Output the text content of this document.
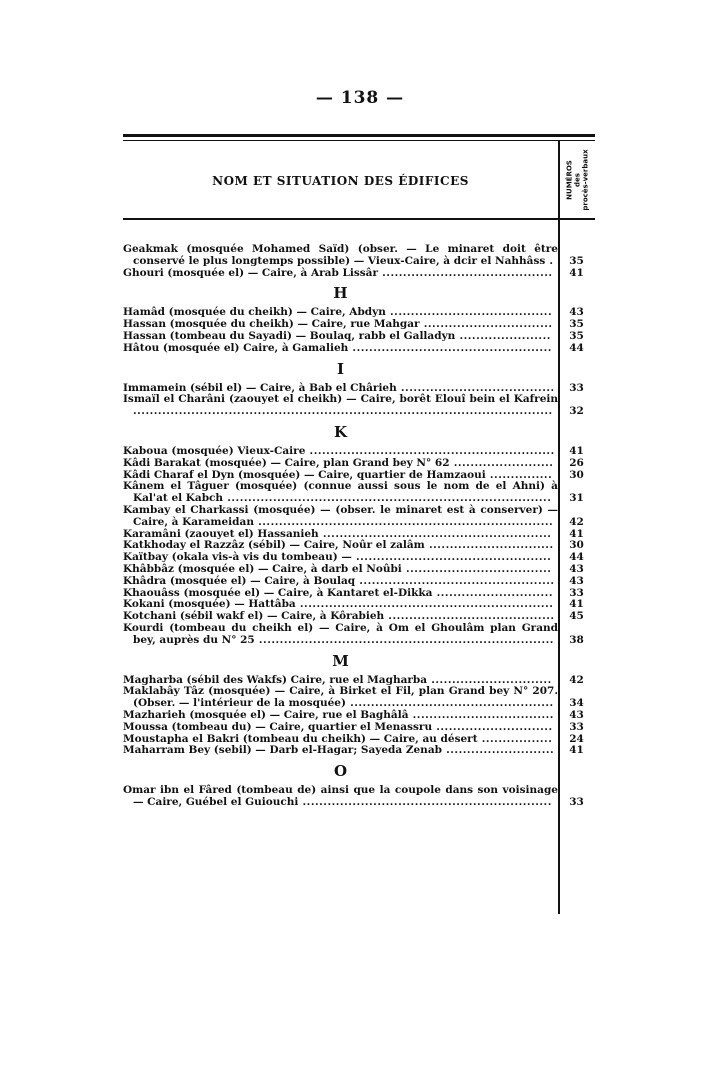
— 138 —
NOM ET SITUATION DES ÉDIFICES	NUMÉROS des procès-verbaux
Geakmak (mosquée Mohamed Saïd) (obser. — Le minaret doit être conservé le plus longtemps possible) — Vieux-Caire, à dcir el Nahhâss .	35
Ghouri (mosquée el) — Caire, à Arab Lissâr .........................................	41
H
Hamâd (mosquée du cheikh) — Caire, Abdyn .......................................	43
Hassan (mosquée du cheikh) — Caire, rue Mahgar ...............................	35
Hassan (tombeau du Sayadi) — Boulaq, rabb el Galladyn ......................	35
Hâtou (mosquée el) Caire, à Gamalieh ................................................	44
I
Immamein (sébil el) — Caire, à Bab el Chârieh .....................................	33
Ismaïl el Charâni (zaouyet el cheikh) — Caire, borêt Elouî bein el Kafrein .....................................................................................................	32
K
Kaboua (mosquée) Vieux-Caire ...........................................................	41
Kâdi Barakat (mosquée) — Caire, plan Grand bey N° 62 ........................	26
Kâdi Charaf el Dyn (mosquée) — Caire, quartier de Hamzaoui ...............	30
Kânem el Tâguer (mosquée) (connue aussi sous le nom de el Ahni) à Kal'at el Kabch ..............................................................................	31
Kambay el Charkassi (mosquée) — (obser. le minaret est à conserver) — Caire, à Karameidan .......................................................................	42
Karamâni (zaouyet el) Hassanieh .......................................................	41
Katkhoday el Razzâz (sébil) — Caire, Noûr el zalâm ..............................	30
Kaïtbay (okala vis-à vis du tombeau) — ...............................................	44
Khâbbâz (mosquée el) — Caire, à darb el Noûbi ...................................	43
Khâdra (mosquée el) — Caire, à Boulaq ...............................................	43
Khaouâss (mosquée el) — Caire, à Kantaret el-Dikka ............................	33
Kokani (mosquée) — Hattâba .............................................................	41
Kotchani (sébil wakf el) — Caire, à Kôrabieh ........................................	45
Kourdi (tombeau du cheikh el) — Caire, à Om el Ghoulâm plan Grand bey, auprès du N° 25 .......................................................................	38
M
Magharba (sébil des Wakfs) Caire, rue el Magharba .............................	42
Maklabây Tâz (mosquée) — Caire, à Birket el Fil, plan Grand bey N° 207. (Obser. — l'intérieur de la mosquée) .................................................	34
Mazharieh (mosquée el) — Caire, rue el Baghâlâ ..................................	43
Moussa (tombeau du) — Caire, quartier el Menassru ............................	33
Moustapha el Bakri (tombeau du cheikh) — Caire, au désert .................	24
Maharram Bey (sebil) — Darb el-Hagar; Sayeda Zenab ..........................	41
O
Omar ibn el Fâred (tombeau de) ainsi que la coupole dans son voisinage — Caire, Guébel el Guiouchi ............................................................	33
